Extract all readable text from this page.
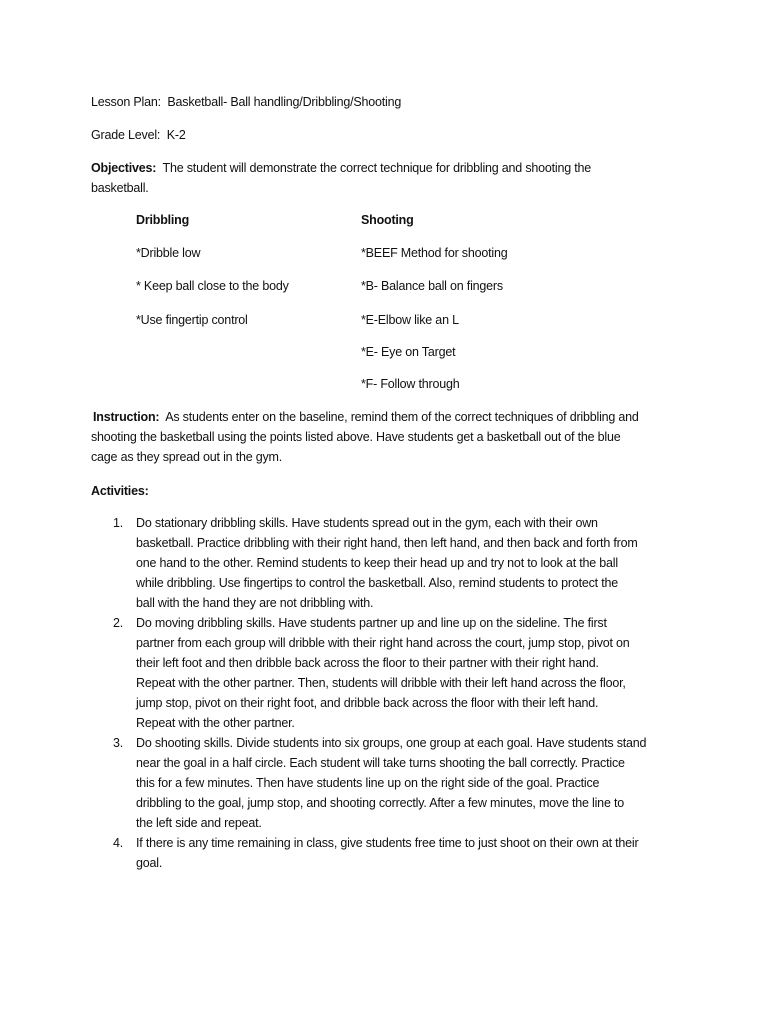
Lesson Plan: Basketball- Ball handling/Dribbling/Shooting
Grade Level: K-2
Objectives: The student will demonstrate the correct technique for dribbling and shooting the
basketball.
Dribbling
*Dribble low
* Keep ball close to the body
*Use fingertip control
Shooting
*BEEF Method for shooting
*B- Balance ball on fingers
*E-Elbow like an L
*E- Eye on Target
*F- Follow through
Instruction: As students enter on the baseline, remind them of the correct techniques of dribbling and
shooting the basketball using the points listed above. Have students get a basketball out of the blue
cage as they spread out in the gym.
Activities:
1. Do stationary dribbling skills. Have students spread out in the gym, each with their own
basketball. Practice dribbling with their right hand, then left hand, and then back and forth from
one hand to the other. Remind students to keep their head up and try not to look at the ball
while dribbling. Use fingertips to control the basketball. Also, remind students to protect the
ball with the hand they are not dribbling with.
2. Do moving dribbling skills. Have students partner up and line up on the sideline. The first
partner from each group will dribble with their right hand across the court, jump stop, pivot on
their left foot and then dribble back across the floor to their partner with their right hand.
Repeat with the other partner. Then, students will dribble with their left hand across the floor,
jump stop, pivot on their right foot, and dribble back across the floor with their left hand.
Repeat with the other partner.
3. Do shooting skills. Divide students into six groups, one group at each goal. Have students stand
near the goal in a half circle. Each student will take turns shooting the ball correctly. Practice
this for a few minutes. Then have students line up on the right side of the goal. Practice
dribbling to the goal, jump stop, and shooting correctly. After a few minutes, move the line to
the left side and repeat.
4. If there is any time remaining in class, give students free time to just shoot on their own at their
goal.
